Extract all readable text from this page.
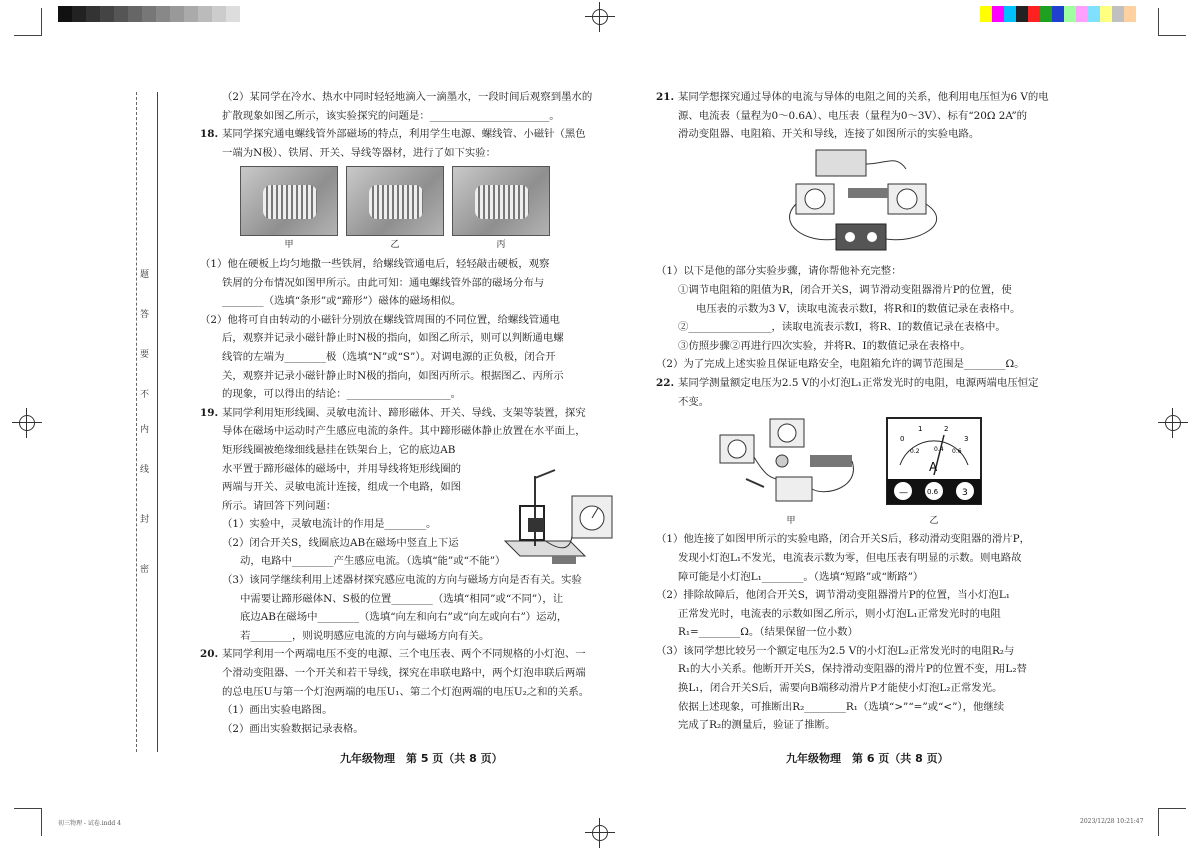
密
封
线
内
不
要
答
题
（2）某同学在冷水、热水中同时轻轻地滴入一滴墨水，一段时间后观察到墨水的
扩散现象如图乙所示，该实验探究的问题是：_______________________。
18. 某同学探究通电螺线管外部磁场的特点，利用学生电源、螺线管、小磁针（黑色
一端为N极）、铁屑、开关、导线等器材，进行了如下实验：
甲	乙	丙
（1）他在硬板上均匀地撒一些铁屑，给螺线管通电后，轻轻敲击硬板，观察
铁屑的分布情况如图甲所示。由此可知：通电螺线管外部的磁场分布与
________（选填“条形”或“蹄形”）磁体的磁场相似。
（2）他将可自由转动的小磁针分别放在螺线管周围的不同位置，给螺线管通电
后，观察并记录小磁针静止时N极的指向，如图乙所示，则可以判断通电螺
线管的左端为________极（选填“N”或“S”）。对调电源的正负极，闭合开
关，观察并记录小磁针静止时N极的指向，如图丙所示。根据图乙、丙所示
的现象，可以得出的结论：____________________。
19. 某同学利用矩形线圈、灵敏电流计、蹄形磁体、开关、导线、支架等装置，探究
导体在磁场中运动时产生感应电流的条件。其中蹄形磁体静止放置在水平面上，
矩形线圈被绝缘细线悬挂在铁架台上，它的底边AB
水平置于蹄形磁体的磁场中，并用导线将矩形线圈的
两端与开关、灵敏电流计连接，组成一个电路，如图
所示。请回答下列问题：
（1）实验中，灵敏电流计的作用是________。
（2）闭合开关S，线圈底边AB在磁场中竖直上下运
动，电路中________产生感应电流。（选填“能”或“不能”）
（3）该同学继续利用上述器材探究感应电流的方向与磁场方向是否有关。实验
中需要让蹄形磁体N、S极的位置________（选填“相同”或“不同”），让
底边AB在磁场中________（选填“向左和向右”或“向左或向右”）运动，
若________，则说明感应电流的方向与磁场方向有关。
20. 某同学利用一个两端电压不变的电源、三个电压表、两个不同规格的小灯泡、一
个滑动变阻器、一个开关和若干导线，探究在串联电路中，两个灯泡串联后两端
的总电压U与第一个灯泡两端的电压U₁、第二个灯泡两端的电压U₂之和的关系。
（1）画出实验电路图。
（2）画出实验数据记录表格。
九年级物理　第 5 页（共 8 页）
21. 某同学想探究通过导体的电流与导体的电阻之间的关系，他利用电压恒为6 V的电
源、电流表（量程为0～0.6A）、电压表（量程为0～3V）、标有“20Ω 2A”的
滑动变阻器、电阻箱、开关和导线，连接了如图所示的实验电路。
（1）以下是他的部分实验步骤，请你帮他补充完整：
①调节电阻箱的阻值为R，闭合开关S，调节滑动变阻器滑片P的位置，使
电压表的示数为3 V，读取电流表示数I，将R和I的数值记录在表格中。
②________________，读取电流表示数I，将R、I的数值记录在表格中。
③仿照步骤②再进行四次实验，并将R、I的数值记录在表格中。
（2）为了完成上述实验且保证电路安全，电阻箱允许的调节范围是________Ω。
22. 某同学测量额定电压为2.5 V的小灯泡L₁正常发光时的电阻，电源两端电压恒定
不变。
甲
0
1	2
3
0.2 0.4 0.6
A
—	0.6	3
乙
（1）他连接了如图甲所示的实验电路，闭合开关S后，移动滑动变阻器的滑片P，
发现小灯泡L₁不发光，电流表示数为零，但电压表有明显的示数。则电路故
障可能是小灯泡L₁________。（选填“短路”或“断路”）
（2）排除故障后，他闭合开关S，调节滑动变阻器滑片P的位置，当小灯泡L₁
正常发光时，电流表的示数如图乙所示，则小灯泡L₁正常发光时的电阻
R₁=________Ω。（结果保留一位小数）
（3）该同学想比较另一个额定电压为2.5 V的小灯泡L₂正常发光时的电阻R₂与
R₁的大小关系。他断开开关S，保持滑动变阻器的滑片P的位置不变，用L₂替
换L₁，闭合开关S后，需要向B端移动滑片P才能使小灯泡L₂正常发光。
依据上述现象，可推断出R₂________R₁（选填“>”“=”或“<”），他继续
完成了R₂的测量后，验证了推断。
九年级物理　第 6 页（共 8 页）
初三物理 - 试卷.indd 4	2023/12/28 10:21:47
